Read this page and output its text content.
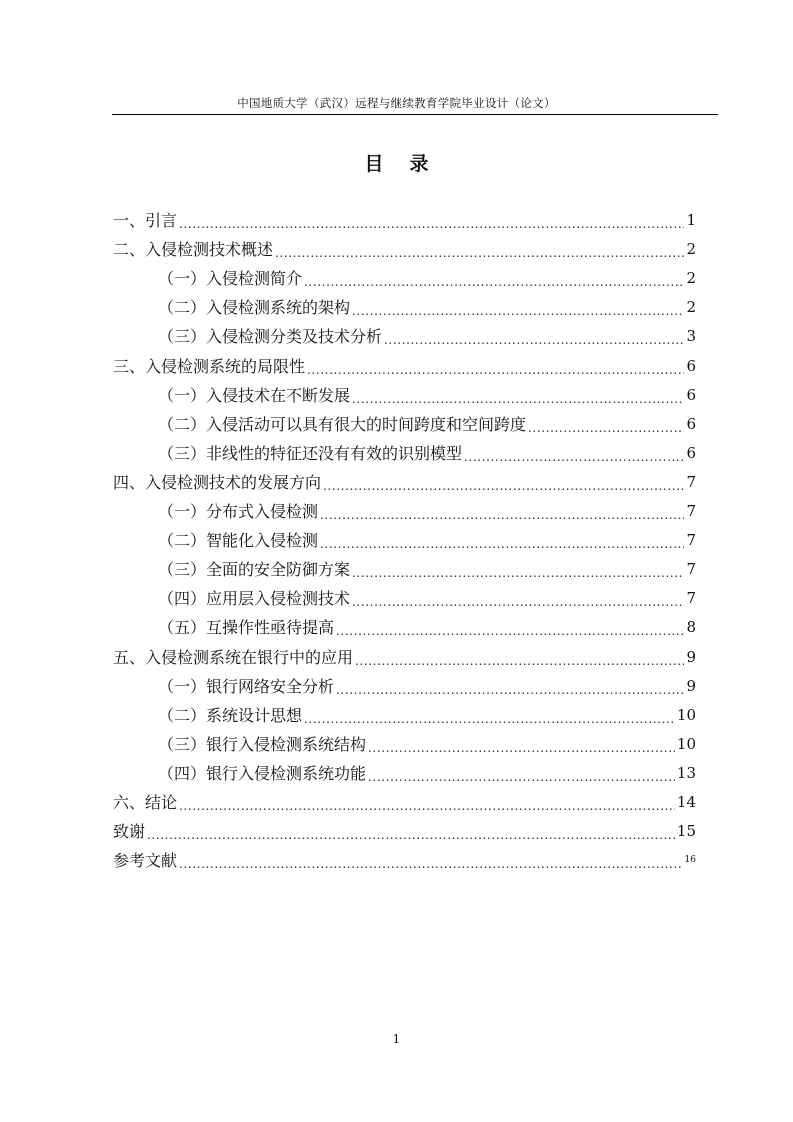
中国地质大学（武汉）远程与继续教育学院毕业设计（论文）
目录
一、引言 .....	1
二、入侵检测技术概述 .....	2
（一）入侵检测简介 .....	2
（二）入侵检测系统的架构 .....	2
（三）入侵检测分类及技术分析 .....	3
三、入侵检测系统的局限性 .....	6
（一）入侵技术在不断发展 .....	6
（二）入侵活动可以具有很大的时间跨度和空间跨度 .....	6
（三）非线性的特征还没有有效的识别模型 .....	6
四、入侵检测技术的发展方向 .....	7
（一）分布式入侵检测 .....	7
（二）智能化入侵检测 .....	7
（三）全面的安全防御方案 .....	7
（四）应用层入侵检测技术 .....	7
（五）互操作性亟待提高 .....	8
五、入侵检测系统在银行中的应用 .....	9
（一）银行网络安全分析 .....	9
（二）系统设计思想 .....	10
（三）银行入侵检测系统结构 .....	10
（四）银行入侵检测系统功能 .....	13
六、结论 .....	14
致谢 .....	15
参考文献 .....	16
1
